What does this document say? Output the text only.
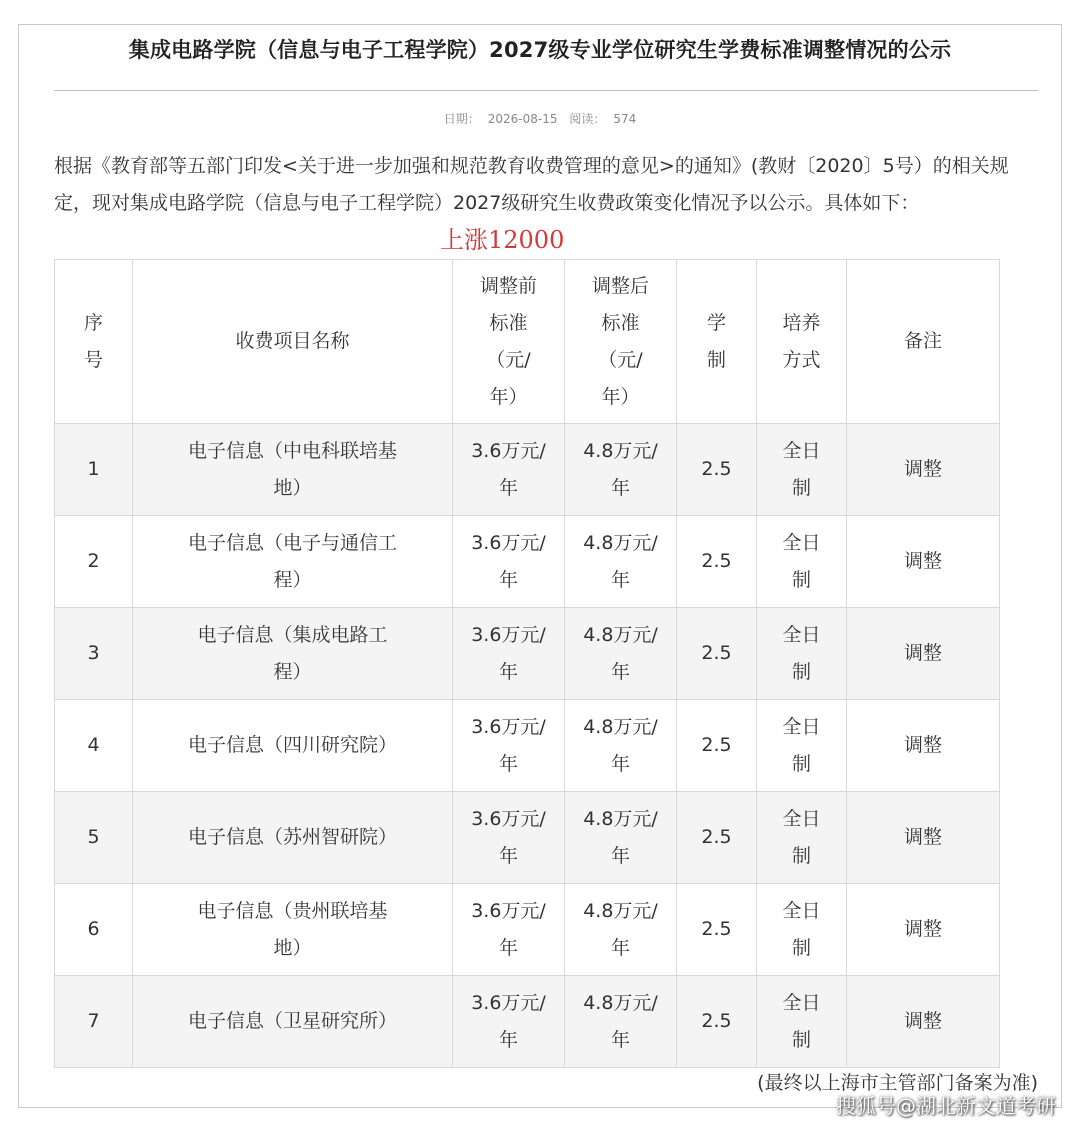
集成电路学院（信息与电子工程学院）2027级专业学位研究生学费标准调整情况的公示
日期： 2026-08-15 阅读： 574

根据《教育部等五部门印发<关于进一步加强和规范教育收费管理的意见>的通知》(教财〔2020〕5号）的相关规定，现对集成电路学院（信息与电子工程学院）2027级研究生收费政策变化情况予以公示。具体如下：

上涨12000
序号	收费项目名称	调整前标准（元/年）	调整后标准（元/年）	学制	培养方式	备注
1	电子信息（中电科联培基地）	3.6万元/年	4.8万元/年	2.5	全日制	调整
2	电子信息（电子与通信工程）	3.6万元/年	4.8万元/年	2.5	全日制	调整
3	电子信息（集成电路工程）	3.6万元/年	4.8万元/年	2.5	全日制	调整
4	电子信息（四川研究院）	3.6万元/年	4.8万元/年	2.5	全日制	调整
5	电子信息（苏州智研院）	3.6万元/年	4.8万元/年	2.5	全日制	调整
6	电子信息（贵州联培基地）	3.6万元/年	4.8万元/年	2.5	全日制	调整
7	电子信息（卫星研究所）	3.6万元/年	4.8万元/年	2.5	全日制	调整
(最终以上海市主管部门备案为准)
搜狐号@湖北新文道考研
